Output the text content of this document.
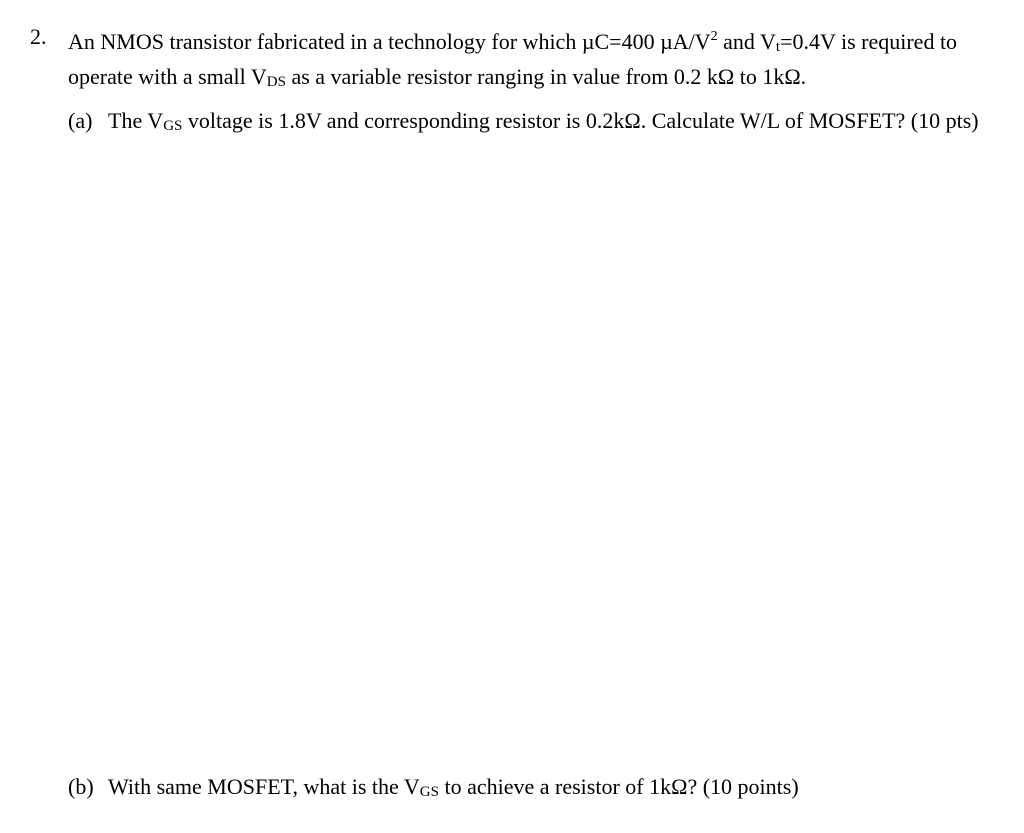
2. An NMOS transistor fabricated in a technology for which µC=400 $\mu A/V^2$ and Vt=0.4V is required to operate with a small VDS as a variable resistor ranging in value from 0.2 kΩ to 1kΩ.
(a) The VGS voltage is 1.8V and corresponding resistor is 0.2kΩ. Calculate W/L of MOSFET? (10 pts)
(b) With same MOSFET, what is the VGS to achieve a resistor of 1kΩ? (10 points)
